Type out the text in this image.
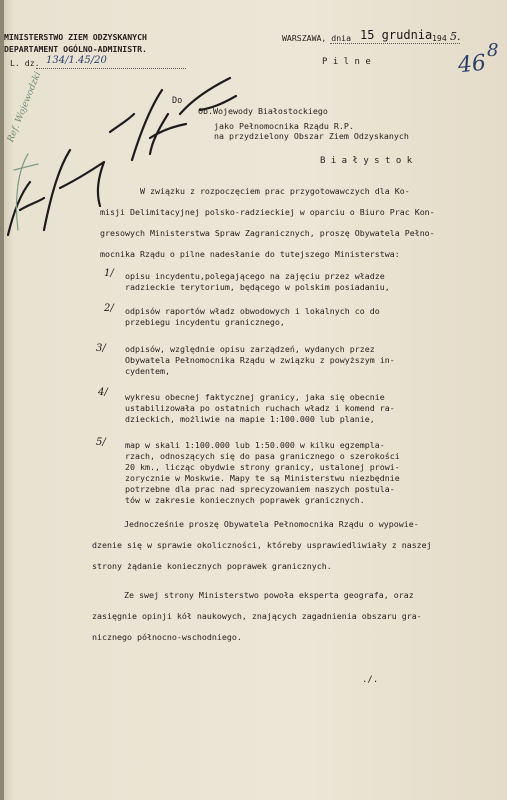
MINISTERSTWO ZIEM ODZYSKANYCH
DEPARTAMENT OGÓLNO-ADMINISTR.
L. dz. 134/1.45/20
WARSZAWA, dnia 15 grudnia 194 5.
P i l n e	46
8
Ref. Wojewodzki	Do
Ob.Wojewody Białostockiego
jako Pełnomocnika Rządu R.P.
na przydzielony Obszar Ziem Odzyskanych
B i a ł y s t o k
W związku z rozpoczęciem prac przygotowawczych dla Ko-
misji Delimitacyjnej polsko-radzieckiej w oparciu o Biuro Prac Kon-
gresowych Ministerstwa Spraw Zagranicznych, proszę Obywatela Pełno-
mocnika Rządu o pilne nadesłanie do tutejszego Ministerstwa:
1/ opisu incydentu,polegającego na zajęciu przez władze
radzieckie terytorium, będącego w polskim posiadaniu,
2/ odpisów raportów władz obwodowych i lokalnych co do
przebiegu incydentu granicznego,
3/ odpisów, względnie opisu zarządzeń, wydanych przez
Obywatela Pełnomocnika Rządu w związku z powyższym in-
cydentem,
4/ wykresu obecnej faktycznej granicy, jaka się obecnie
ustabilizowała po ostatnich ruchach władz i komend ra-
dzieckich, możliwie na mapie 1:100.000 lub planie,
5/ map w skali 1:100.000 lub 1:50.000 w kilku egzempla-
rzach, odnoszących się do pasa granicznego o szerokości
20 km., licząc obydwie strony granicy, ustalonej prowi-
zorycznie w Moskwie. Mapy te są Ministerstwu niezbędnie
potrzebne dla prac nad sprecyzowaniem naszych postula-
tów w zakresie koniecznych poprawek granicznych.
Jednocześnie proszę Obywatela Pełnomocnika Rządu o wypowie-
dzenie się w sprawie okoliczności, któreby usprawiedliwiały z naszej
strony żądanie koniecznych poprawek granicznych.
Ze swej strony Ministerstwo powoła eksperta geografa, oraz
zasięgnie opinji kół naukowych, znających zagadnienia obszaru gra-
nicznego północno-wschodniego.
./.
